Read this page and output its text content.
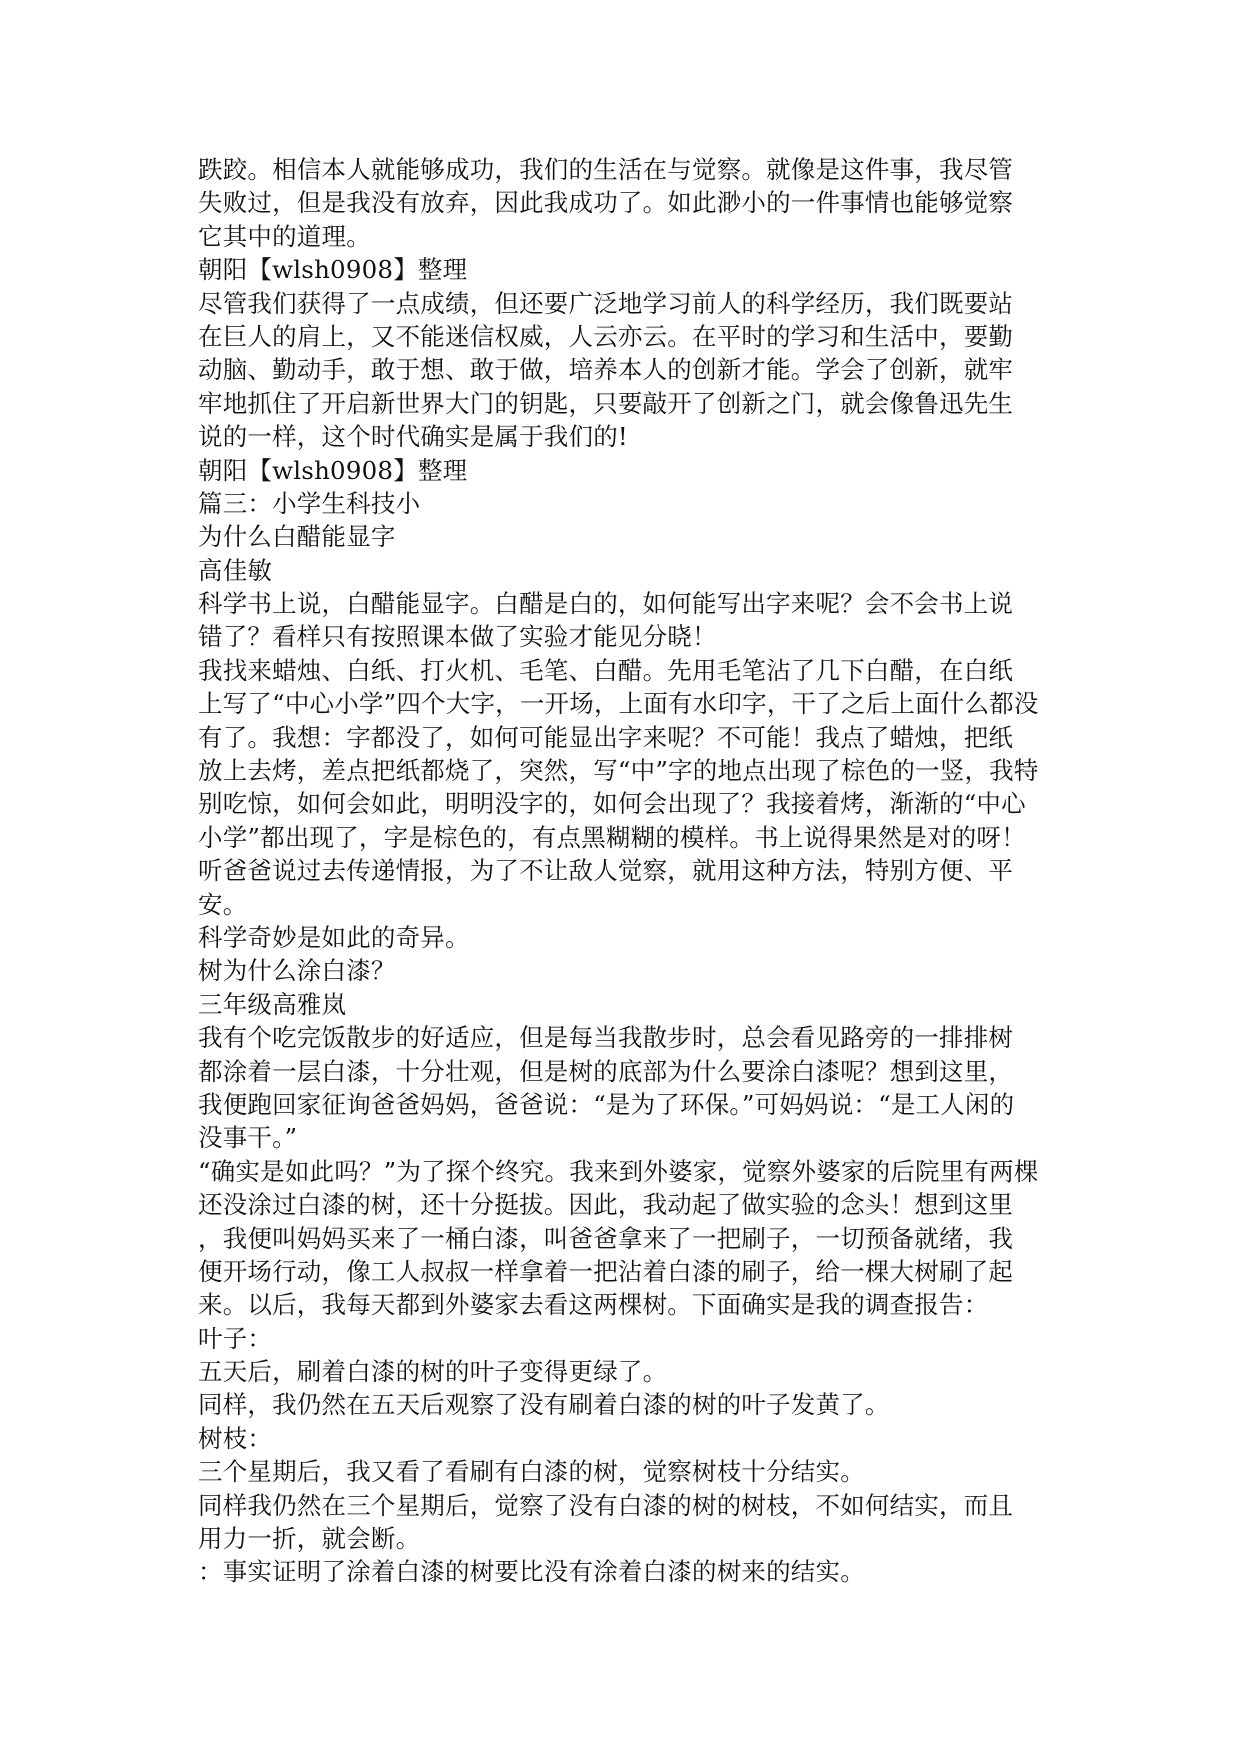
跌跤。相信本人就能够成功，我们的生活在与觉察。就像是这件事，我尽管

失败过，但是我没有放弃，因此我成功了。如此渺小的一件事情也能够觉察

它其中的道理。

朝阳【wlsh0908】整理

尽管我们获得了一点成绩，但还要广泛地学习前人的科学经历，我们既要站

在巨人的肩上，又不能迷信权威，人云亦云。在平时的学习和生活中，要勤

动脑、勤动手，敢于想、敢于做，培养本人的创新才能。学会了创新，就牢

牢地抓住了开启新世界大门的钥匙，只要敲开了创新之门，就会像鲁迅先生

说的一样，这个时代确实是属于我们的!

朝阳【wlsh0908】整理

篇三：小学生科技小

为什么白醋能显字

高佳敏

科学书上说，白醋能显字。白醋是白的，如何能写出字来呢？会不会书上说

错了？看样只有按照课本做了实验才能见分晓！

我找来蜡烛、白纸、打火机、毛笔、白醋。先用毛笔沾了几下白醋，在白纸

上写了“中心小学”四个大字，一开场，上面有水印字，干了之后上面什么都没

有了。我想：字都没了，如何可能显出字来呢？不可能！我点了蜡烛，把纸

放上去烤，差点把纸都烧了，突然，写“中”字的地点出现了棕色的一竖，我特

别吃惊，如何会如此，明明没字的，如何会出现了？我接着烤，渐渐的“中心

小学”都出现了，字是棕色的，有点黑糊糊的模样。书上说得果然是对的呀！

听爸爸说过去传递情报，为了不让敌人觉察，就用这种方法，特别方便、平

安。

科学奇妙是如此的奇异。

树为什么涂白漆？

三年级高雅岚

我有个吃完饭散步的好适应，但是每当我散步时，总会看见路旁的一排排树

都涂着一层白漆，十分壮观，但是树的底部为什么要涂白漆呢？想到这里，

我便跑回家征询爸爸妈妈，爸爸说：“是为了环保。”可妈妈说：“是工人闲的

没事干。”

“确实是如此吗？”为了探个终究。我来到外婆家，觉察外婆家的后院里有两棵

还没涂过白漆的树，还十分挺拔。因此，我动起了做实验的念头！想到这里

，我便叫妈妈买来了一桶白漆，叫爸爸拿来了一把刷子，一切预备就绪，我

便开场行动，像工人叔叔一样拿着一把沾着白漆的刷子，给一棵大树刷了起

来。以后，我每天都到外婆家去看这两棵树。下面确实是我的调查报告：

叶子：

五天后，刷着白漆的树的叶子变得更绿了。

同样，我仍然在五天后观察了没有刷着白漆的树的叶子发黄了。

树枝：

三个星期后，我又看了看刷有白漆的树，觉察树枝十分结实。

同样我仍然在三个星期后，觉察了没有白漆的树的树枝，不如何结实，而且

用力一折，就会断。

：事实证明了涂着白漆的树要比没有涂着白漆的树来的结实。
